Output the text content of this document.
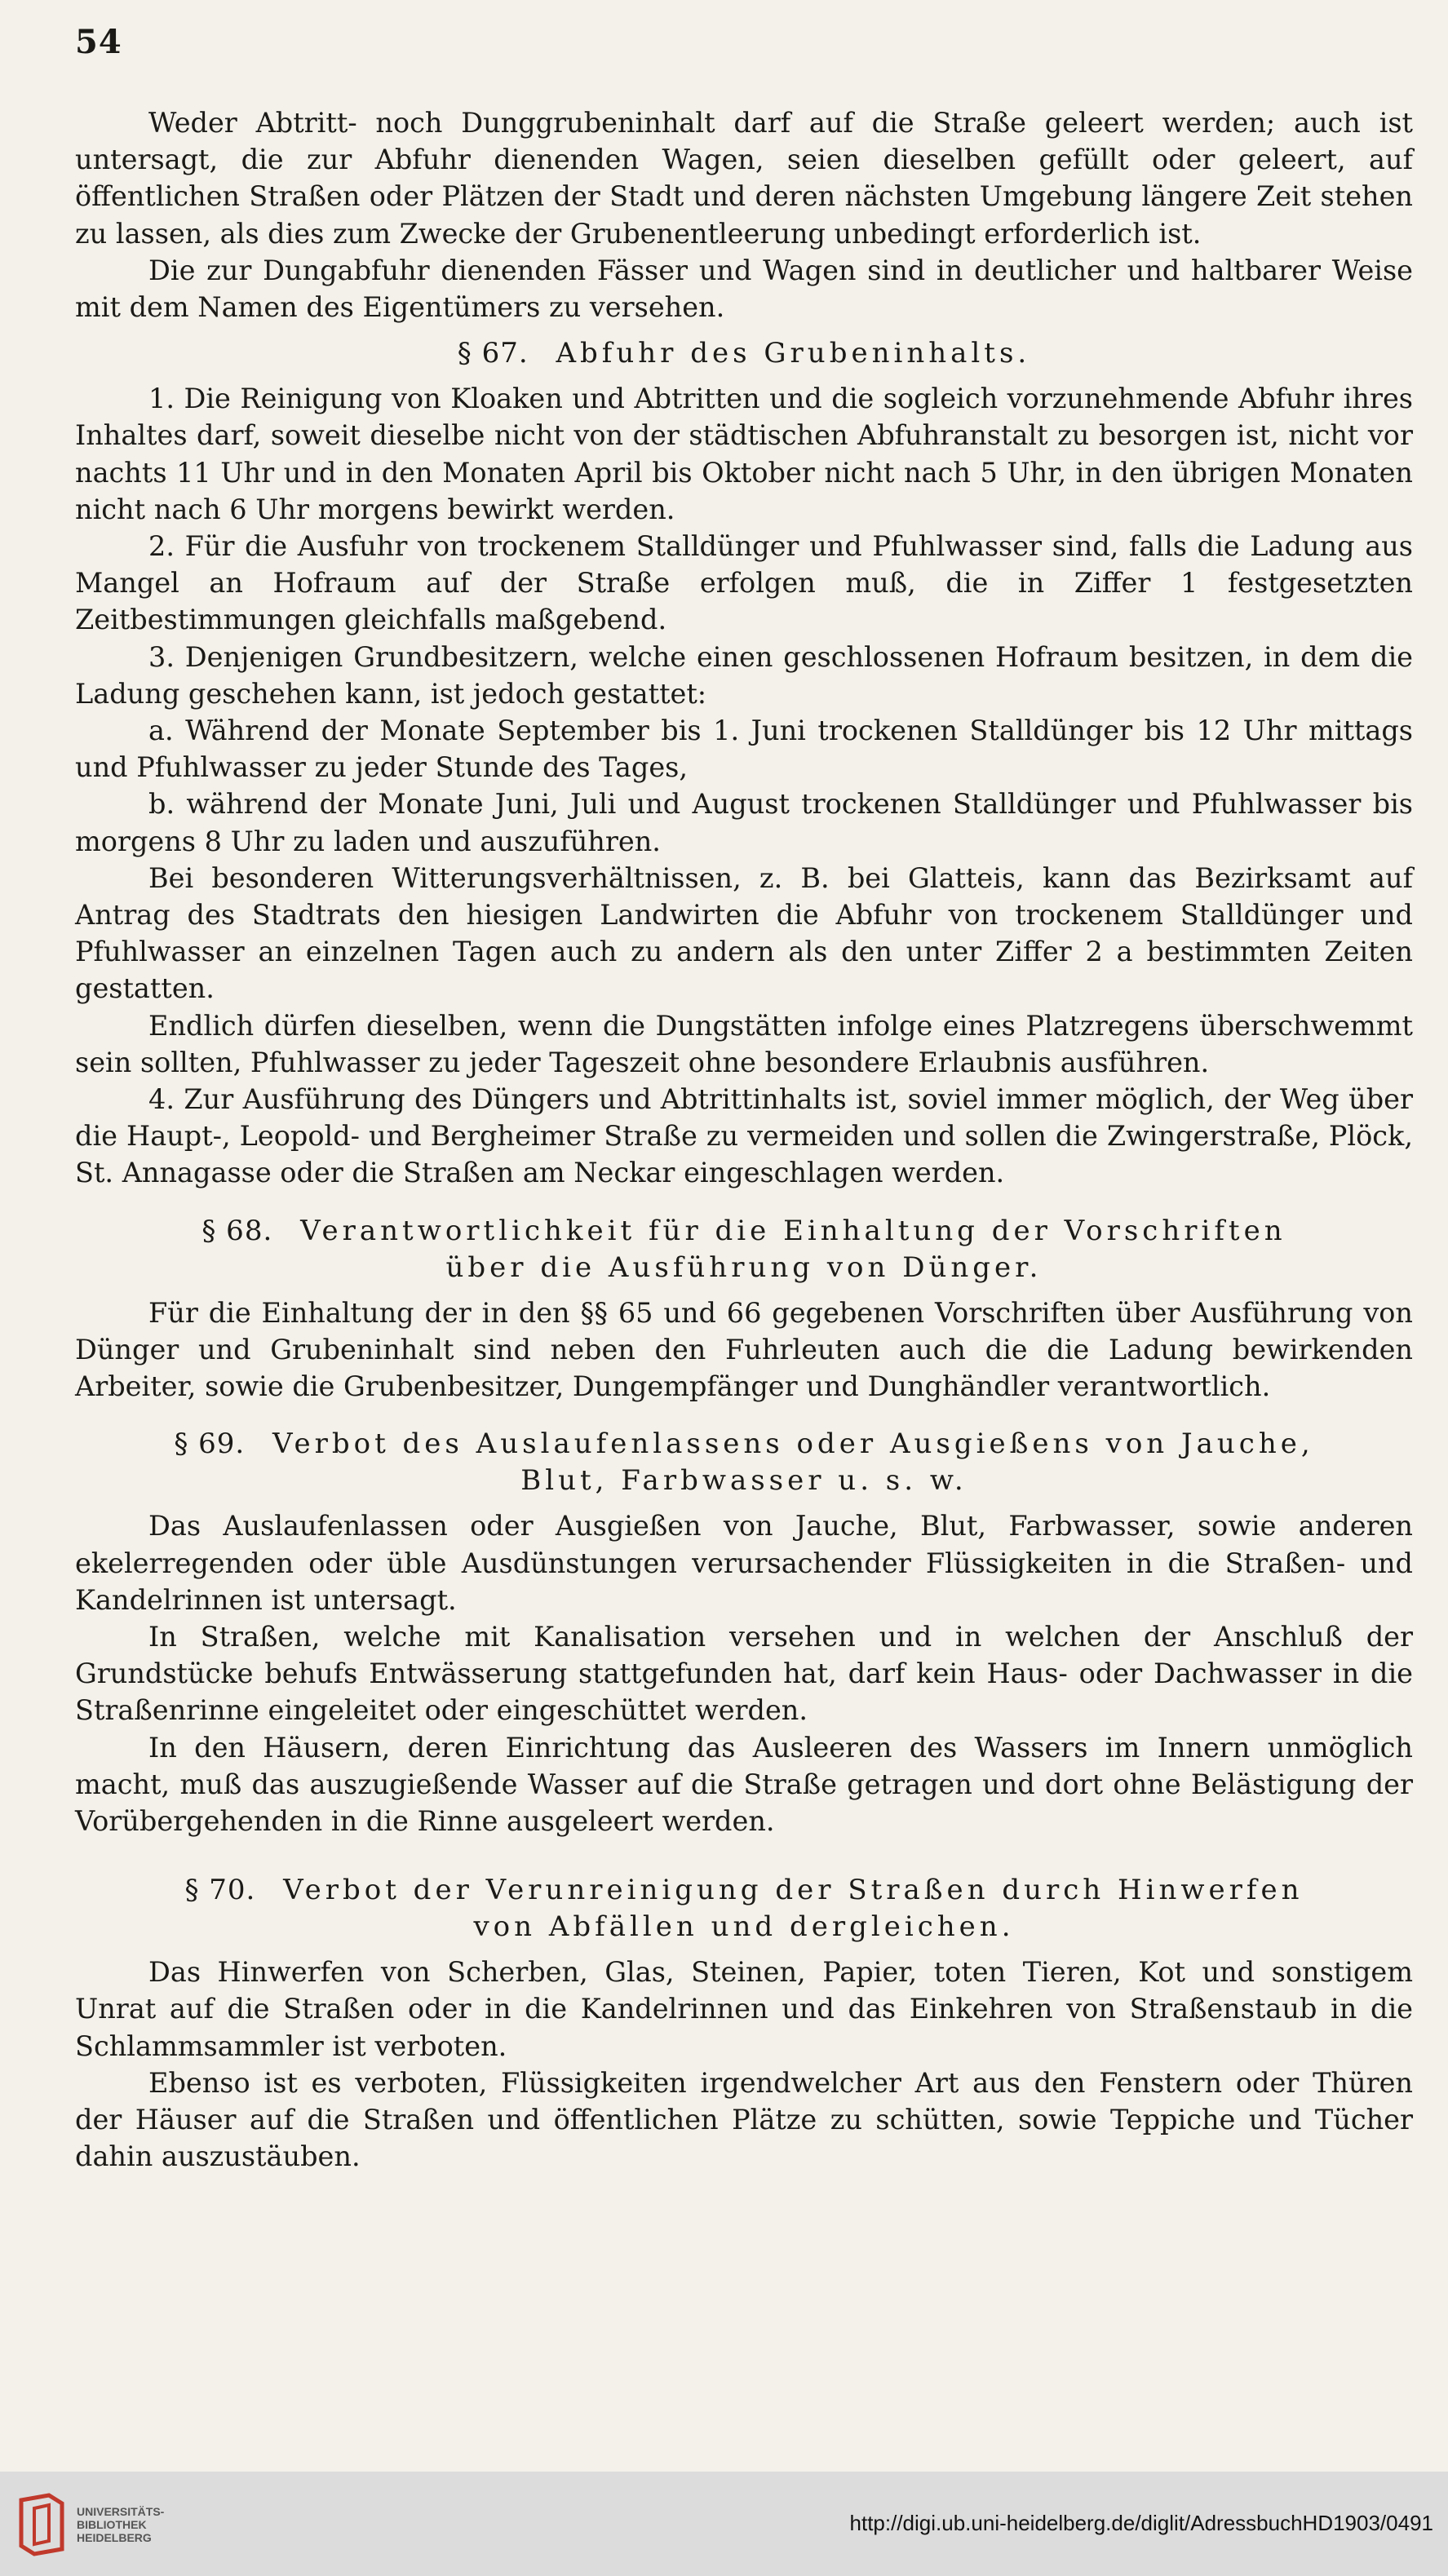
54

Weder Abtritt- noch Dunggrubeninhalt darf auf die Straße geleert werden; auch ist untersagt, die zur Abfuhr dienenden Wagen, seien dieselben gefüllt oder geleert, auf öffentlichen Straßen oder Plätzen der Stadt und deren nächsten Umgebung längere Zeit stehen zu lassen, als dies zum Zwecke der Grubenentleerung unbedingt erforderlich ist.

Die zur Dungabfuhr dienenden Fässer und Wagen sind in deutlicher und haltbarer Weise mit dem Namen des Eigentümers zu versehen.

§ 67. Abfuhr des Grubeninhalts.

1. Die Reinigung von Kloaken und Abtritten und die sogleich vorzunehmende Abfuhr ihres Inhaltes darf, soweit dieselbe nicht von der städtischen Abfuhranstalt zu besorgen ist, nicht vor nachts 11 Uhr und in den Monaten April bis Oktober nicht nach 5 Uhr, in den übrigen Monaten nicht nach 6 Uhr morgens bewirkt werden.

2. Für die Ausfuhr von trockenem Stalldünger und Pfuhlwasser sind, falls die Ladung aus Mangel an Hofraum auf der Straße erfolgen muß, die in Ziffer 1 festgesetzten Zeitbestimmungen gleichfalls maßgebend.

3. Denjenigen Grundbesitzern, welche einen geschlossenen Hofraum besitzen, in dem die Ladung geschehen kann, ist jedoch gestattet:

a. Während der Monate September bis 1. Juni trockenen Stalldünger bis 12 Uhr mittags und Pfuhlwasser zu jeder Stunde des Tages,

b. während der Monate Juni, Juli und August trockenen Stalldünger und Pfuhlwasser bis morgens 8 Uhr zu laden und auszuführen.

Bei besonderen Witterungsverhältnissen, z. B. bei Glatteis, kann das Bezirksamt auf Antrag des Stadtrats den hiesigen Landwirten die Abfuhr von trockenem Stalldünger und Pfuhlwasser an einzelnen Tagen auch zu andern als den unter Ziffer 2 a bestimmten Zeiten gestatten.

Endlich dürfen dieselben, wenn die Dungstätten infolge eines Platzregens überschwemmt sein sollten, Pfuhlwasser zu jeder Tageszeit ohne besondere Erlaubnis ausführen.

4. Zur Ausführung des Düngers und Abtrittinhalts ist, soviel immer möglich, der Weg über die Haupt-, Leopold- und Bergheimer Straße zu vermeiden und sollen die Zwingerstraße, Plöck, St. Annagasse oder die Straßen am Neckar eingeschlagen werden.

§ 68. Verantwortlichkeit für die Einhaltung der Vorschriften
über die Ausführung von Dünger.

Für die Einhaltung der in den §§ 65 und 66 gegebenen Vorschriften über Ausführung von Dünger und Grubeninhalt sind neben den Fuhrleuten auch die die Ladung bewirkenden Arbeiter, sowie die Grubenbesitzer, Dungempfänger und Dunghändler verantwortlich.

§ 69. Verbot des Auslaufenlassens oder Ausgießens von Jauche,
Blut, Farbwasser u. s. w.

Das Auslaufenlassen oder Ausgießen von Jauche, Blut, Farbwasser, sowie anderen ekelerregenden oder üble Ausdünstungen verursachender Flüssigkeiten in die Straßen- und Kandelrinnen ist untersagt.

In Straßen, welche mit Kanalisation versehen und in welchen der Anschluß der Grundstücke behufs Entwässerung stattgefunden hat, darf kein Haus- oder Dachwasser in die Straßenrinne eingeleitet oder eingeschüttet werden.

In den Häusern, deren Einrichtung das Ausleeren des Wassers im Innern unmöglich macht, muß das auszugießende Wasser auf die Straße getragen und dort ohne Belästigung der Vorübergehenden in die Rinne ausgeleert werden.

§ 70. Verbot der Verunreinigung der Straßen durch Hinwerfen
von Abfällen und dergleichen.

Das Hinwerfen von Scherben, Glas, Steinen, Papier, toten Tieren, Kot und sonstigem Unrat auf die Straßen oder in die Kandelrinnen und das Einkehren von Straßenstaub in die Schlammsammler ist verboten.

Ebenso ist es verboten, Flüssigkeiten irgendwelcher Art aus den Fenstern oder Thüren der Häuser auf die Straßen und öffentlichen Plätze zu schütten, sowie Teppiche und Tücher dahin auszustäuben.

UNIVERSITÄTS-
BIBLIOTHEK
HEIDELBERG
http://digi.ub.uni-heidelberg.de/diglit/AdressbuchHD1903/0491
